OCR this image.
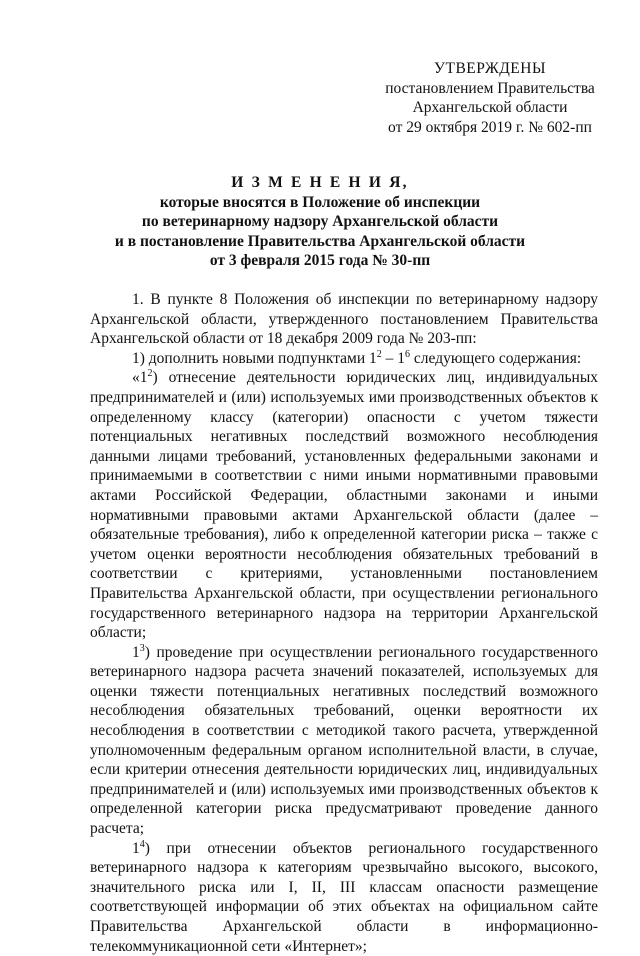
УТВЕРЖДЕНЫ
постановлением Правительства
Архангельской области
от 29 октября 2019 г. № 602-пп
И З М Е Н Е Н И Я,
которые вносятся в Положение об инспекции
по ветеринарному надзору Архангельской области
и в постановление Правительства Архангельской области
от 3 февраля 2015 года № 30-пп

1. В пункте 8 Положения об инспекции по ветеринарному надзору Архангельской области, утвержденного постановлением Правительства Архангельской области от 18 декабря 2009 года № 203-пп:

1) дополнить новыми подпунктами $1^2 - 1^6$ следующего содержания:

«$1^2$) отнесение деятельности юридических лиц, индивидуальных предпринимателей и (или) используемых ими производственных объектов к определенному классу (категории) опасности с учетом тяжести потенциальных негативных последствий возможного несоблюдения данными лицами требований, установленных федеральными законами и принимаемыми в соответствии с ними иными нормативными правовыми актами Российской Федерации, областными законами и иными нормативными правовыми актами Архангельской области (далее – обязательные требования), либо к определенной категории риска – также с учетом оценки вероятности несоблюдения обязательных требований в соответствии с критериями, установленными постановлением Правительства Архангельской области, при осуществлении регионального государственного ветеринарного надзора на территории Архангельской области;

$1^3$) проведение при осуществлении регионального государственного ветеринарного надзора расчета значений показателей, используемых для оценки тяжести потенциальных негативных последствий возможного несоблюдения обязательных требований, оценки вероятности их несоблюдения в соответствии с методикой такого расчета, утвержденной уполномоченным федеральным органом исполнительной власти, в случае, если критерии отнесения деятельности юридических лиц, индивидуальных предпринимателей и (или) используемых ими производственных объектов к определенной категории риска предусматривают проведение данного расчета;

$1^4$) при отнесении объектов регионального государственного ветеринарного надзора к категориям чрезвычайно высокого, высокого, значительного риска или I, II, III классам опасности размещение соответствующей информации об этих объектах на официальном сайте Правительства Архангельской области в информационно-телекоммуникационной сети «Интернет»;
